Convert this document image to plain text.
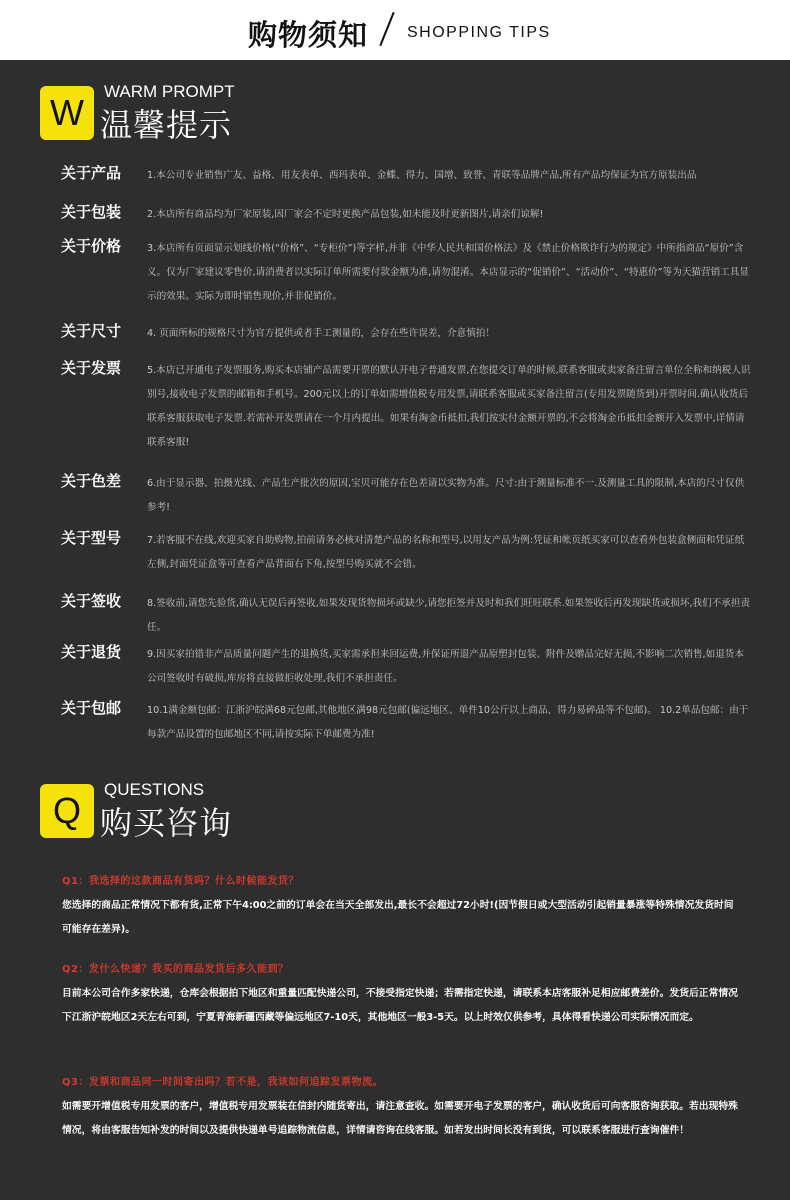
购物须知 SHOPPING TIPS
W
WARM PROMPT
温馨提示
关于产品	1.本公司专业销售广友、益格、用友表单、西玛表单、金蝶、得力、国增、致誉、青联等品牌产品,所有产品均保证为官方原装出品
关于包装	2.本店所有商品均为厂家原装,因厂家会不定时更换产品包装,如未能及时更新图片,请亲们谅解!
关于价格	3.本店所有页面显示划线价格(“价格”、“专柜价”)等字样,并非《中华人民共和国价格法》及《禁止价格欺诈行为的规定》中所指商品“原价”含义。仅为厂家建议零售价,请消费者以实际订单所需要付款金额为准,请勿混淆。本店显示的“促销价”、“活动价”、“特惠价”等为天猫营销工具显示的效果。实际为即时销售现价,并非促销价。
关于尺寸	4. 页面所标的规格尺寸为官方提供或者手工测量的，会存在些许误差，介意慎拍！
关于发票	5.本店已开通电子发票服务,购买本店铺产品需要开票的默认开电子普通发票,在您提交订单的时候,联系客服或卖家备注留言单位全称和纳税人识别号,接收电子发票的邮箱和手机号。200元以上的订单如需增值税专用发票,请联系客服或买家备注留言(专用发票随货到)开票时间.确认收货后联系客服获取电子发票.若需补开发票请在一个月内提出。如果有淘金币抵扣,我们按实付金额开票的,不会将淘金币抵扣金额开入发票中,详情请联系客服!
关于色差	6.由于显示器、拍摄光线、产品生产批次的原因,宝贝可能存在色差请以实物为准。尺寸:由于测量标准不一.及测量工具的限制,本店的尺寸仅供参考!
关于型号	7.若客服不在线,欢迎买家自助购物,拍前请务必核对清楚产品的名称和型号,以用友产品为例:凭证和帐页纸买家可以查看外包装盒侧面和凭证纸左侧,封面凭证盒等可查看产品背面右下角,按型号购买就不会错。
关于签收	8.签收前,请您先验货,确认无误后再签收,如果发现货物损坏或缺少,请您拒签并及时和我们旺旺联系.如果签收后再发现缺货或损坏,我们不承担责任。
关于退货	9.因买家拍错非产品质量问题产生的退换货,买家需承担来回运费,并保证所退产品原塑封包装、附件及赠品完好无损,不影响二次销售,如退货本公司签收时有破损,库房将直接做拒收处理,我们不承担责任。
关于包邮	10.1满金额包邮：江浙沪皖满68元包邮,其他地区满98元包邮(偏远地区、单件10公斤以上商品、得力易碎品等不包邮)。 10.2单品包邮：由于每款产品设置的包邮地区不同,请按实际下单邮费为准!
Q
QUESTIONS
购买咨询
Q1：我选择的这款商品有货吗？什么时候能发货？
您选择的商品正常情况下都有货,正常下午4:00之前的订单会在当天全部发出,最长不会超过72小时!(因节假日或大型活动引起销量暴涨等特殊情况发货时间可能存在差异)。
Q2：发什么快递？我买的商品发货后多久能到？
目前本公司合作多家快递，仓库会根据拍下地区和重量匹配快递公司，不接受指定快递；若需指定快递，请联系本店客服补足相应邮费差价。发货后正常情况下江浙沪皖地区2天左右可到，宁夏青海新疆西藏等偏远地区7-10天，其他地区一般3-5天。以上时效仅供参考，具体得看快递公司实际情况而定。
Q3：发票和商品同一时间寄出吗？若不是，我该如何追踪发票物流。
如需要开增值税专用发票的客户，增值税专用发票装在信封内随货寄出，请注意查收。如需要开电子发票的客户，确认收货后可向客服咨询获取。若出现特殊情况，将由客服告知补发的时间以及提供快递单号追踪物流信息，详情请咨询在线客服。如若发出时间长没有到货，可以联系客服进行查询催件！
